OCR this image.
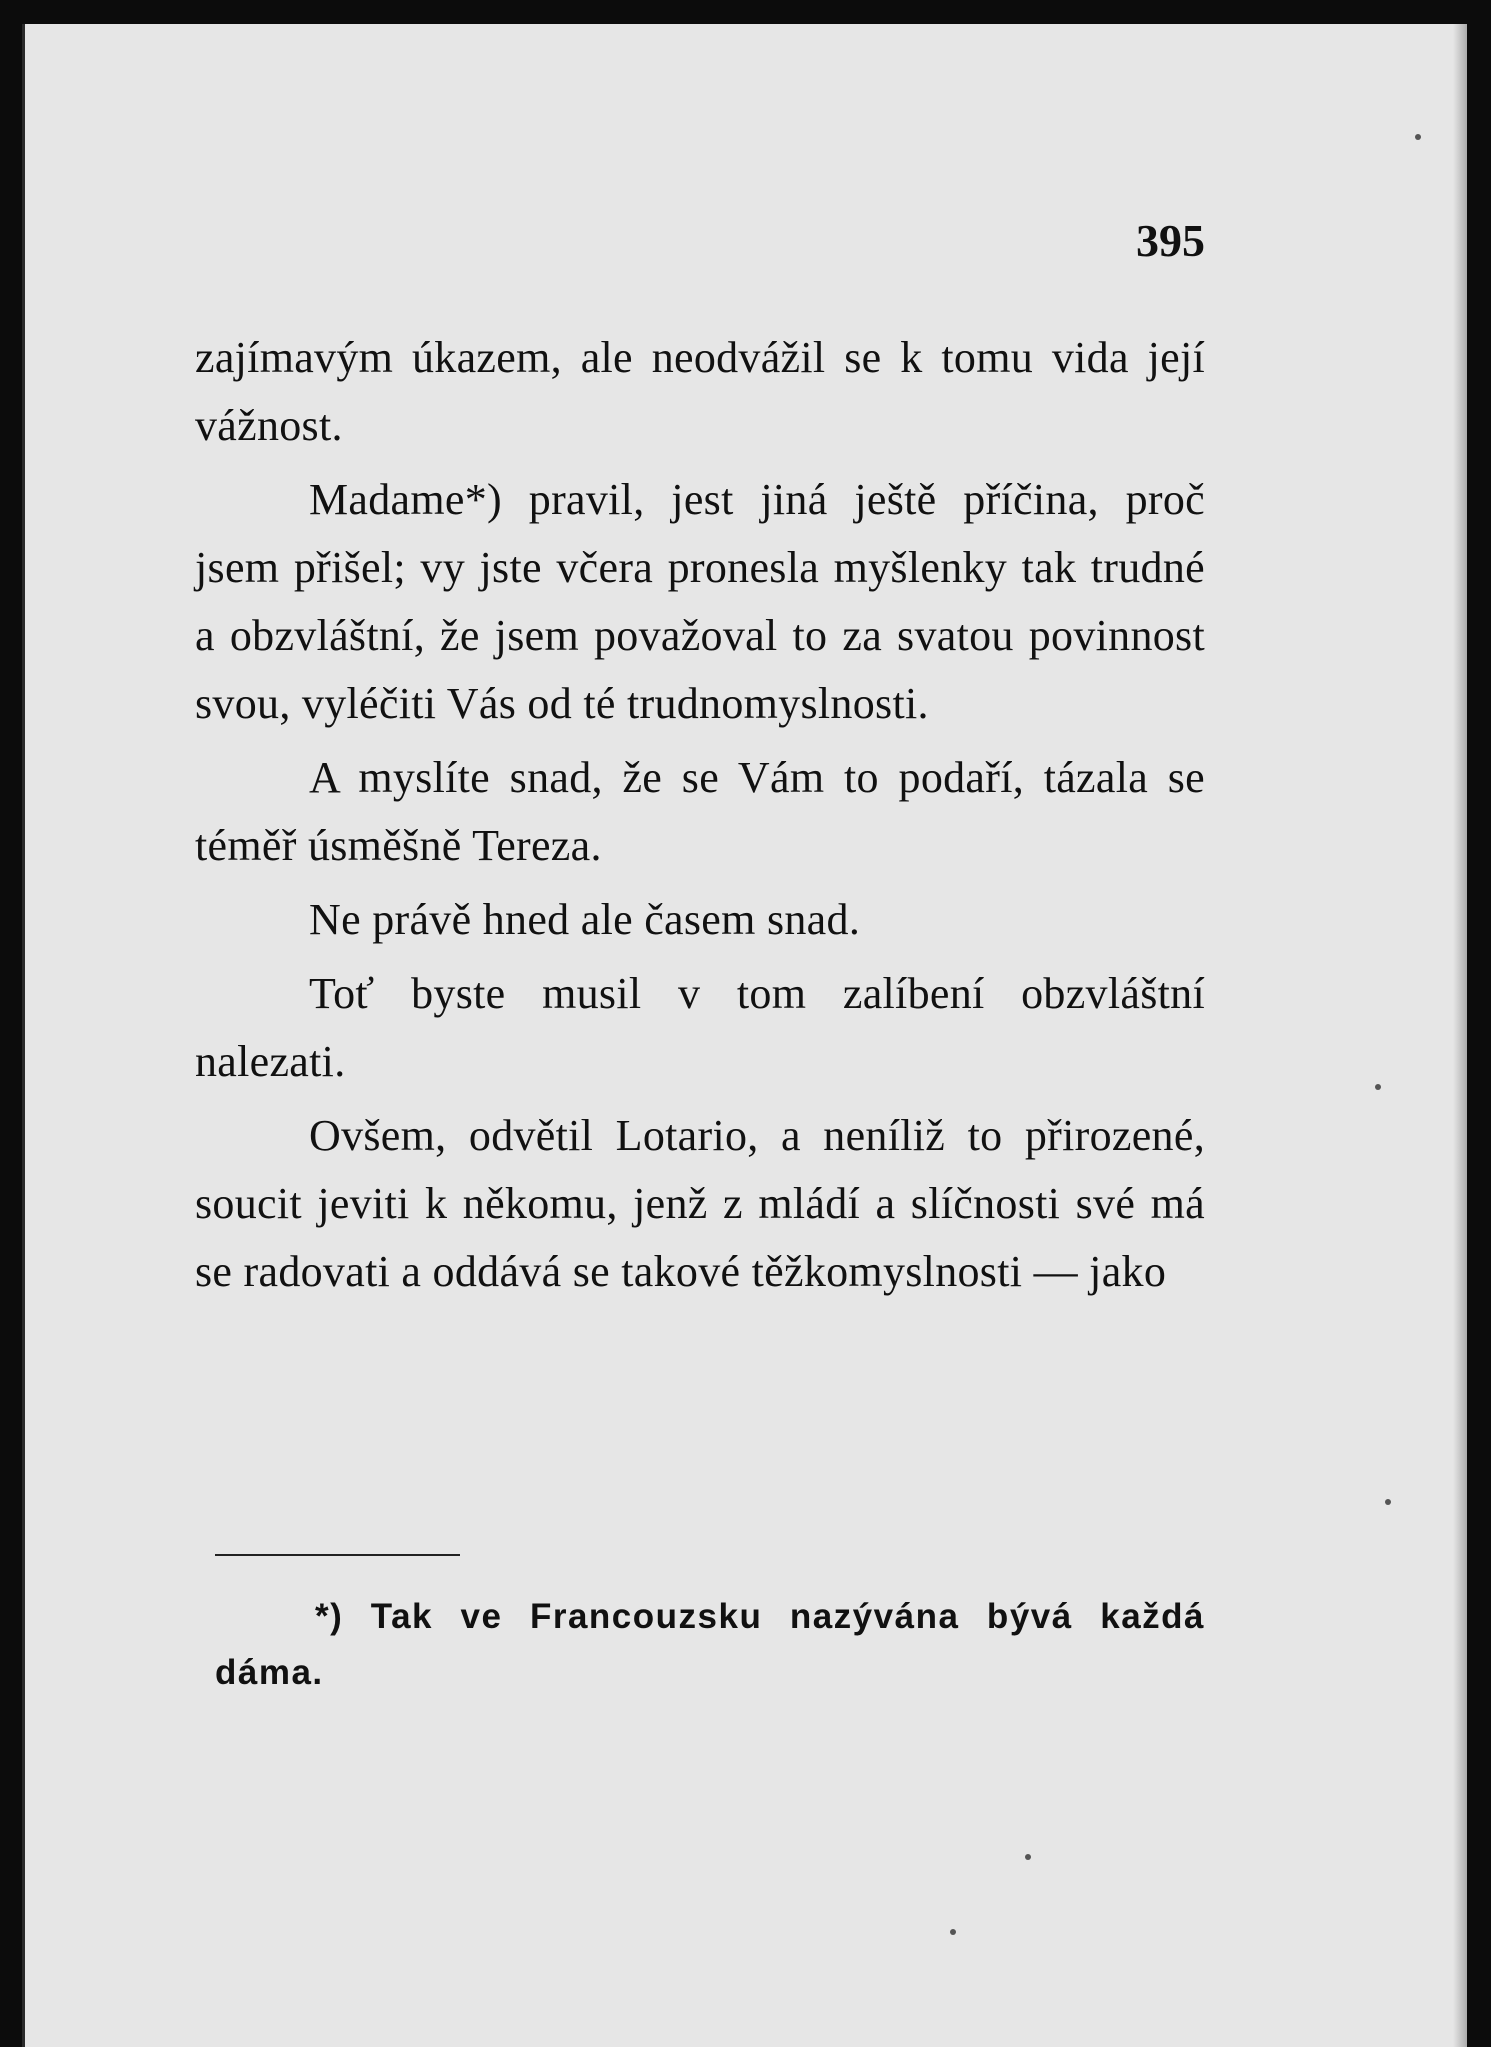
395

zajímavým úkazem, ale neodvážil se k tomu vida její vážnost.

Madame*) pravil, jest jiná ještě příčina, proč jsem přišel; vy jste včera pronesla myšlenky tak trudné a obzvláštní, že jsem považoval to za svatou povinnost svou, vyléčiti Vás od té trudnomyslnosti.

A myslíte snad, že se Vám to podaří, tázala se téměř úsměšně Tereza.

Ne právě hned ale časem snad.

Toť byste musil v tom zalíbení obzvláštní nalezati.

Ovšem, odvětil Lotario, a neníliž to přirozené, soucit jeviti k někomu, jenž z mládí a slíčnosti své má se radovati a oddává se takové těžkomyslnosti — jako

*) Tak ve Francouzsku nazývána bývá každá dáma.
